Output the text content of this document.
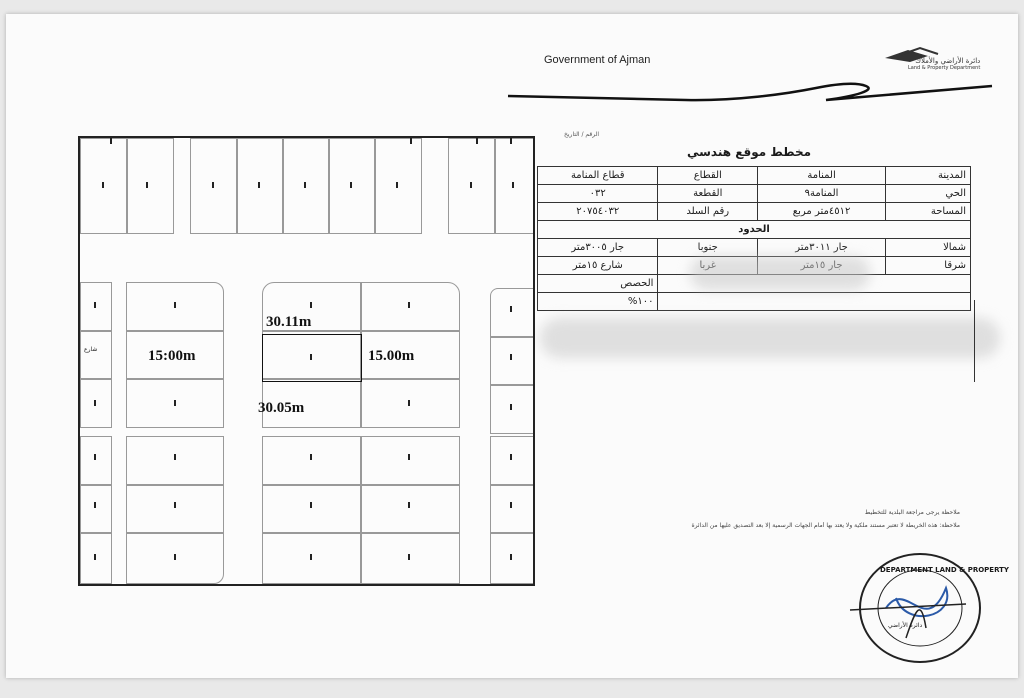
Government of Ajman	دائرة الأراضي والأملاك
Land & Property Department
الرقم / التاريخ
مخطط موقع هندسي
المدينة	المنامة	القطاع	قطاع المنامة
الحي	المنامة٩	القطعة	٠٣٢
المساحة	٤٥١٢متر مربع	رقم السلد	٢٠٧٥٤٠٣٢
الحدود			
شمالا	جار ٣٠١١متر	جنوبا	جار ٣٠٠٥متر
شرقا			شارع ١٥متر
			الحصص
			١٠٠%
30.11m
30.05m
15:00m	15.00m
شارع
ملاحظة يرجى مراجعة البلدية للتخطيط
ملاحظة: هذه الخريطة لا تعتبر مستند ملكية ولا يعتد بها أمام الجهات الرسمية إلا بعد التصديق عليها من الدائرة
DEPARTMENT LAND & PROPERTY
دائرة الأراضي
